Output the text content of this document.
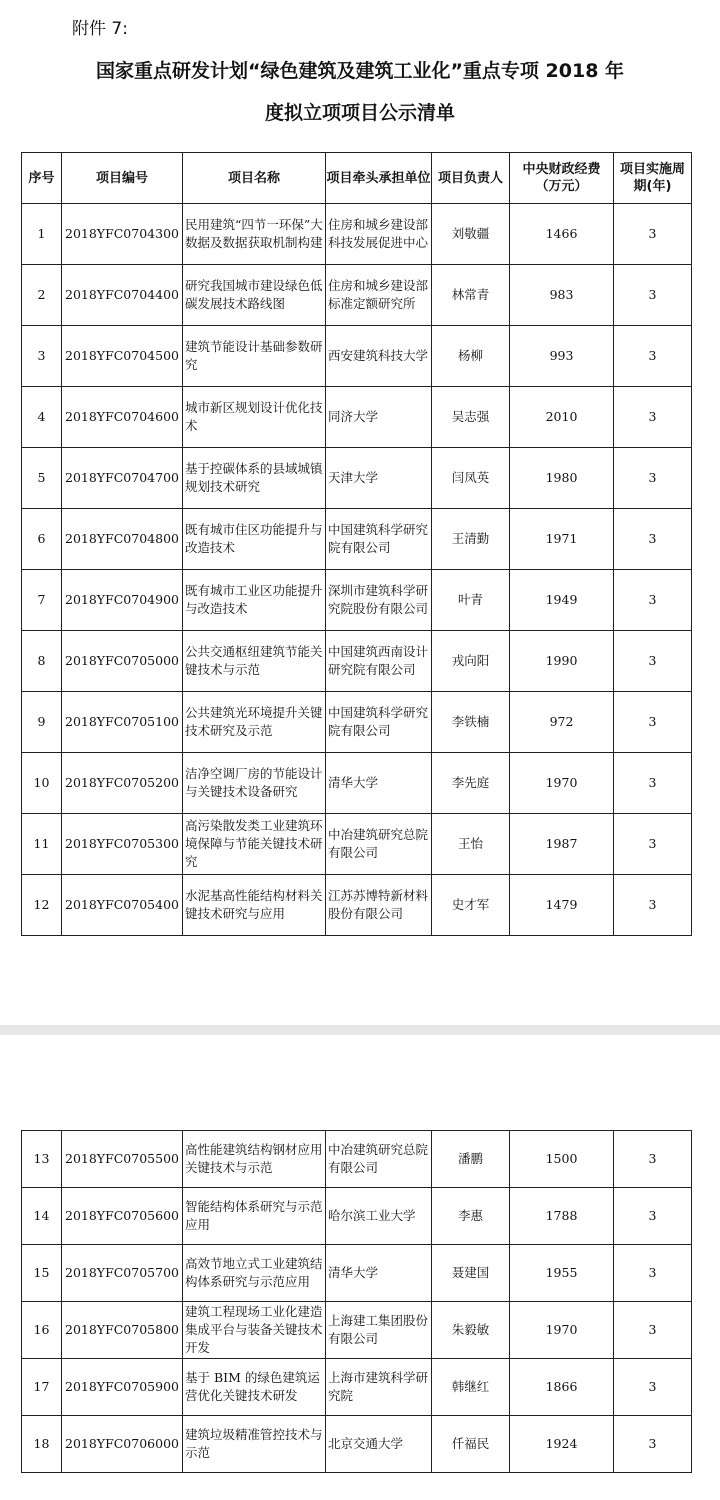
附件 7:
国家重点研发计划“绿色建筑及建筑工业化”重点专项 2018 年
度拟立项项目公示清单
序号	项目编号	项目名称	项目牵头承担单位	项目负责人	中央财政经费（万元）	项目实施周期(年)
1	2018YFC0704300	民用建筑“四节一环保”大数据及数据获取机制构建	住房和城乡建设部科技发展促进中心	刘敬疆	1466	3
2	2018YFC0704400	研究我国城市建设绿色低碳发展技术路线图	住房和城乡建设部标准定额研究所	林常青	983	3
3	2018YFC0704500	建筑节能设计基础参数研究	西安建筑科技大学	杨柳	993	3
4	2018YFC0704600	城市新区规划设计优化技术	同济大学	吴志强	2010	3
5	2018YFC0704700	基于控碳体系的县域城镇规划技术研究	天津大学	闫凤英	1980	3
6	2018YFC0704800	既有城市住区功能提升与改造技术	中国建筑科学研究院有限公司	王清勤	1971	3
7	2018YFC0704900	既有城市工业区功能提升与改造技术	深圳市建筑科学研究院股份有限公司	叶青	1949	3
8	2018YFC0705000	公共交通枢纽建筑节能关键技术与示范	中国建筑西南设计研究院有限公司	戎向阳	1990	3
9	2018YFC0705100	公共建筑光环境提升关键技术研究及示范	中国建筑科学研究院有限公司	李铁楠	972	3
10	2018YFC0705200	洁净空调厂房的节能设计与关键技术设备研究	清华大学	李先庭	1970	3
11	2018YFC0705300	高污染散发类工业建筑环境保障与节能关键技术研究	中冶建筑研究总院有限公司	王怡	1987	3
12	2018YFC0705400	水泥基高性能结构材料关键技术研究与应用	江苏苏博特新材料股份有限公司	史才军	1479	3
13	2018YFC0705500	高性能建筑结构钢材应用关键技术与示范	中冶建筑研究总院有限公司	潘鹏	1500	3
14	2018YFC0705600	智能结构体系研究与示范应用	哈尔滨工业大学	李惠	1788	3
15	2018YFC0705700	高效节地立式工业建筑结构体系研究与示范应用	清华大学	聂建国	1955	3
16	2018YFC0705800	建筑工程现场工业化建造集成平台与装备关键技术开发	上海建工集团股份有限公司	朱毅敏	1970	3
17	2018YFC0705900	基于 BIM 的绿色建筑运营优化关键技术研发	上海市建筑科学研究院	韩继红	1866	3
18	2018YFC0706000	建筑垃圾精准管控技术与示范	北京交通大学	仟福民	1924	3
